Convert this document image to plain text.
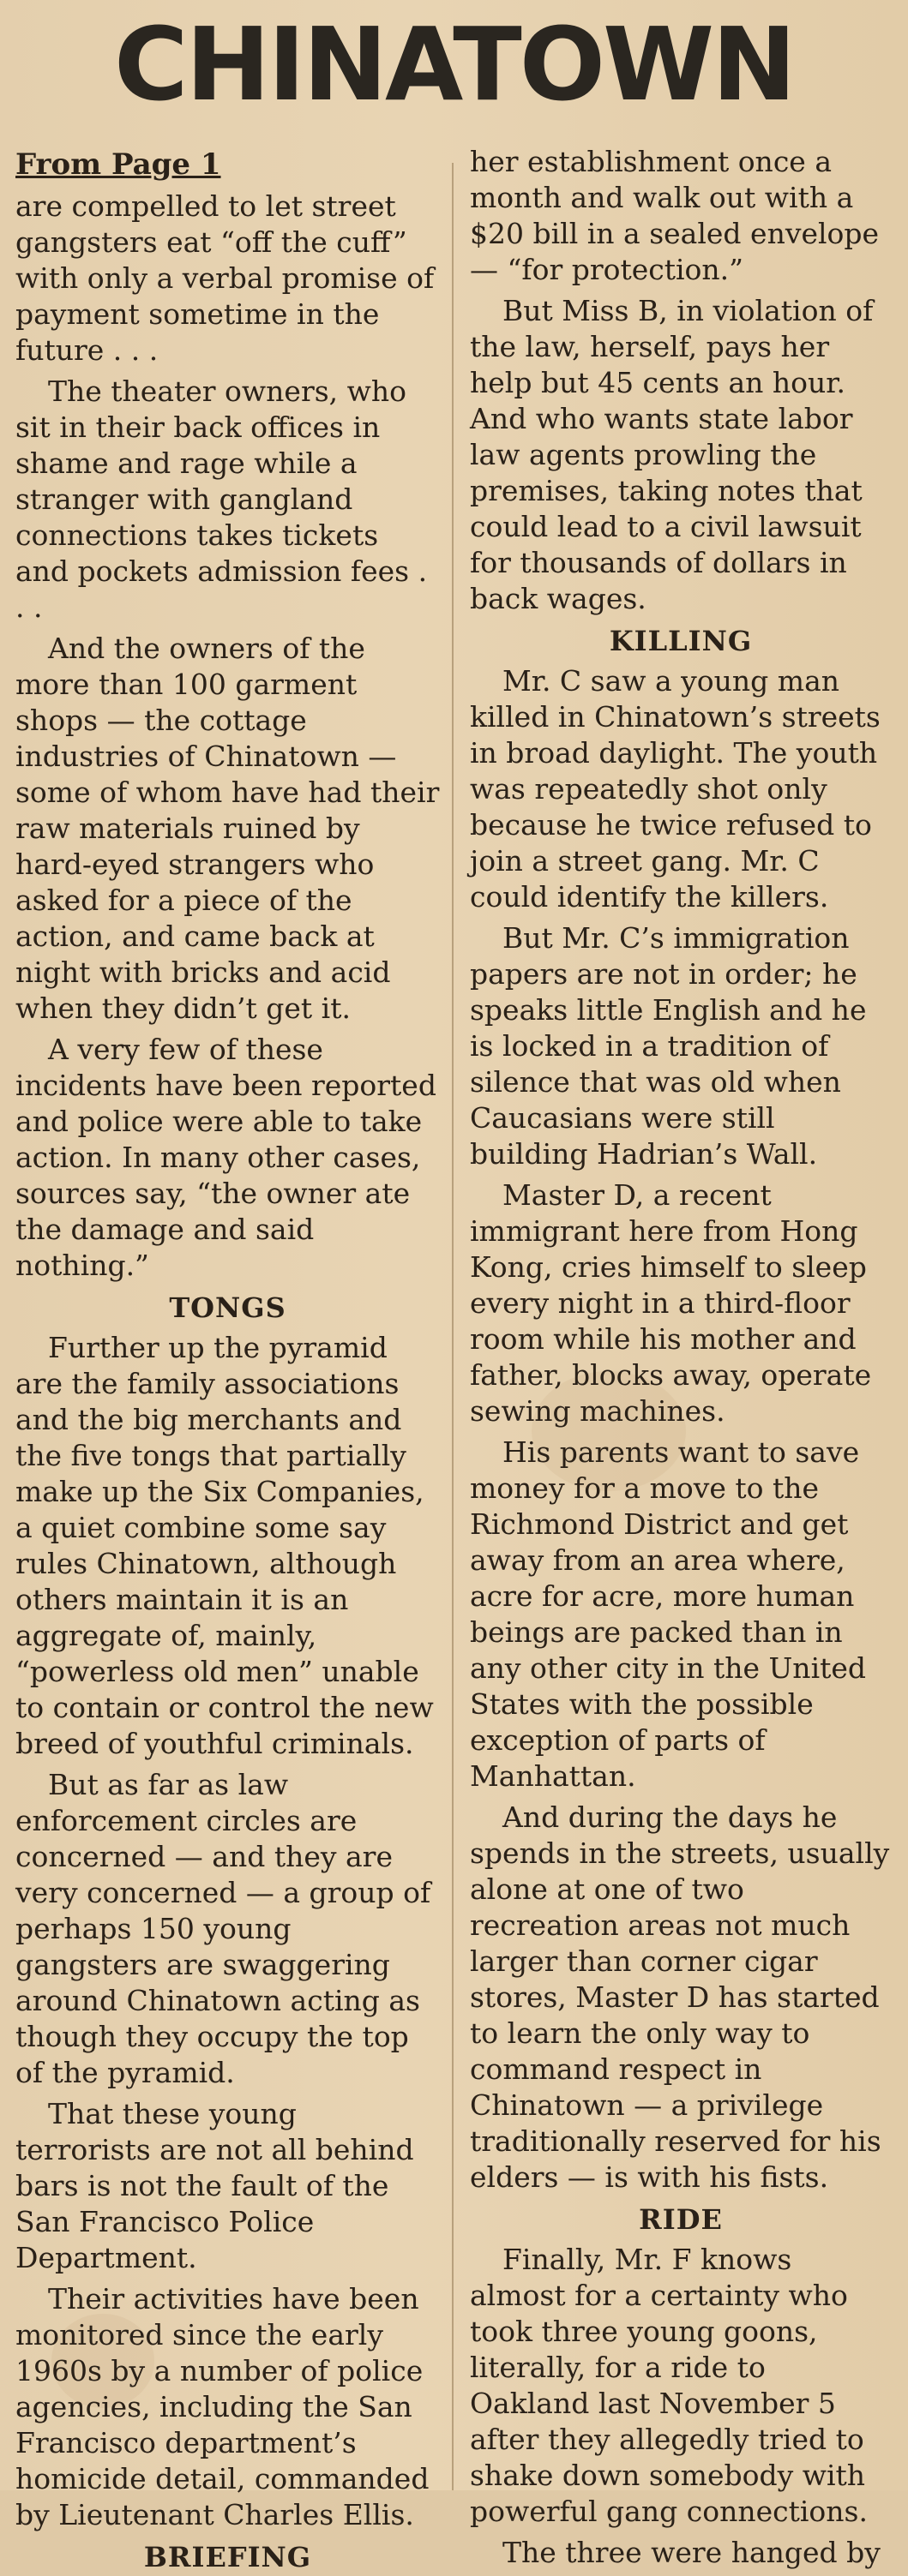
CHINATOWN
From Page 1

are compelled to let street gangsters eat “off the cuff” with only a verbal promise of payment sometime in the future . . .

The theater owners, who sit in their back offices in shame and rage while a stranger with gangland connections takes tickets and pockets admission fees . . .

And the owners of the more than 100 garment shops — the cottage industries of Chinatown — some of whom have had their raw materials ruined by hard-eyed strangers who asked for a piece of the action, and came back at night with bricks and acid when they didn’t get it.

A very few of these incidents have been reported and police were able to take action. In many other cases, sources say, “the owner ate the damage and said nothing.”

TONGS

Further up the pyramid are the family associations and the big merchants and the five tongs that partially make up the Six Companies, a quiet combine some say rules Chinatown, although others maintain it is an aggregate of, mainly, “powerless old men” unable to contain or control the new breed of youthful criminals.

But as far as law enforcement circles are concerned — and they are very concerned — a group of perhaps 150 young gangsters are swaggering around Chinatown acting as though they occupy the top of the pyramid.

That these young terrorists are not all behind bars is not the fault of the San Francisco Police Department.

Their activities have been monitored since the early 1960s by a number of police agencies, including the San Francisco department’s homicide detail, commanded by Lieutenant Charles Ellis.

BRIEFING

her establishment once a month and walk out with a $20 bill in a sealed envelope — “for protection.”

But Miss B, in violation of the law, herself, pays her help but 45 cents an hour. And who wants state labor law agents prowling the premises, taking notes that could lead to a civil lawsuit for thousands of dollars in back wages.

KILLING

Mr. C saw a young man killed in Chinatown’s streets in broad daylight. The youth was repeatedly shot only because he twice refused to join a street gang. Mr. C could identify the killers.

But Mr. C’s immigration papers are not in order; he speaks little English and he is locked in a tradition of silence that was old when Caucasians were still building Hadrian’s Wall.

Master D, a recent immigrant here from Hong Kong, cries himself to sleep every night in a third-floor room while his mother and father, blocks away, operate sewing machines.

His parents want to save money for a move to the Richmond District and get away from an area where, acre for acre, more human beings are packed than in any other city in the United States with the possible exception of parts of Manhattan.

And during the days he spends in the streets, usually alone at one of two recreation areas not much larger than corner cigar stores, Master D has started to learn the only way to command respect in Chinatown — a privilege traditionally reserved for his elders — is with his fists.

RIDE

Finally, Mr. F knows almost for a certainty who took three young goons, literally, for a ride to Oakland last November 5 after they allegedly tried to shake down somebody with powerful gang connections.

The three were hanged by
